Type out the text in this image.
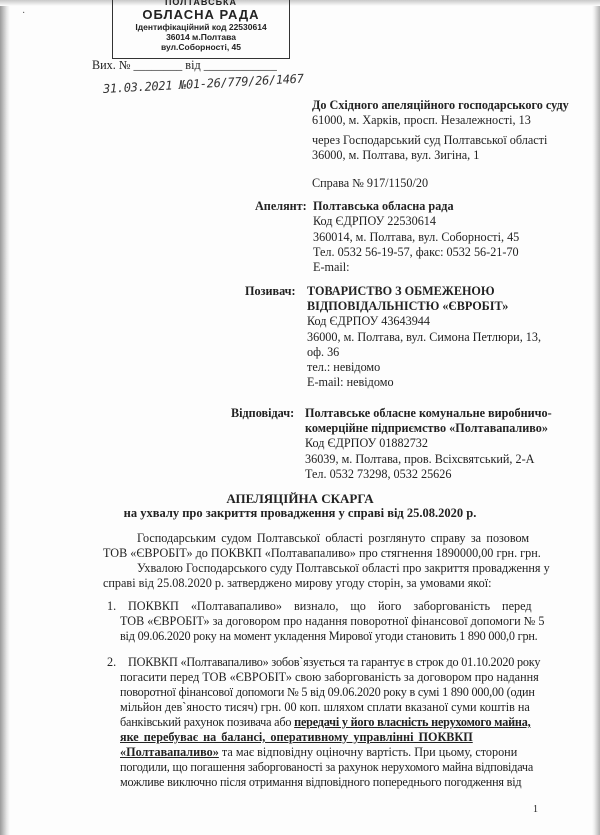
·
ПОЛТАВСЬКА
ОБЛАСНА РАДА
Ідентифікаційний код 22530614
36014 м.Полтава
вул.Соборності, 45
Вих. № ________ від ____________
31.03.2021 №01-26/779/26/1467
До Східного апеляційного господарського суду
61000, м. Харків, просп. Незалежності, 13
через Господарський суд Полтавської області
36000, м. Полтава, вул. Зигіна, 1
Справа № 917/1150/20
Апелянт: Полтавська обласна рада
Код ЄДРПОУ 22530614
360014, м. Полтава, вул. Соборності, 45
Тел. 0532 56-19-57, факс: 0532 56-21-70
E-mail:
Позивач: ТОВАРИСТВО З ОБМЕЖЕНОЮ
ВІДПОВІДАЛЬНІСТЮ «ЄВРОБІТ»
Код ЄДРПОУ 43643944
36000, м. Полтава, вул. Симона Петлюри, 13,
оф. 36
тел.: невідомо
E-mail: невідомо
Відповідач: Полтавське обласне комунальне виробничо-
комерційне підприємство «Полтавапаливо»
Код ЄДРПОУ 01882732
36039, м. Полтава, пров. Всіхсвятський, 2-А
Тел. 0532 73298, 0532 25626
АПЕЛЯЦІЙНА СКАРГА
на ухвалу про закриття провадження у справі від 25.08.2020 р.
Господарським судом Полтавської області розглянуто справу за позовом
ТОВ «ЄВРОБІТ» до ПОКВКП «Полтавапаливо» про стягнення 1890000,00 грн. грн.
Ухвалою Господарського суду Полтавської області про закриття провадження у
справі від 25.08.2020 р. затверджено мирову угоду сторін, за умовами якої:
1. ПОКВКП «Полтавапаливо» визнало, що його заборгованість перед
ТОВ «ЄВРОБІТ» за договором про надання поворотної фінансової допомоги № 5
від 09.06.2020 року на момент укладення Мирової угоди становить 1 890 000,0 грн.
2. ПОКВКП «Полтавапаливо» зобов`язується та гарантує в строк до 01.10.2020 року
погасити перед ТОВ «ЄВРОБІТ» свою заборгованість за договором про надання
поворотної фінансової допомоги № 5 від 09.06.2020 року в сумі 1 890 000,00 (один
мільйон дев`яносто тисяч) грн. 00 коп. шляхом сплати вказаної суми коштів на
банківський рахунок позивача або передачі у його власність нерухомого майна,
яке перебуває на балансі, оперативному управлінні ПОКВКП
«Полтавапаливо» та має відповідну оціночну вартість. При цьому, сторони
погодили, що погашення заборгованості за рахунок нерухомого майна відповідача
можливе виключно після отримання відповідного попереднього погодження від
1
